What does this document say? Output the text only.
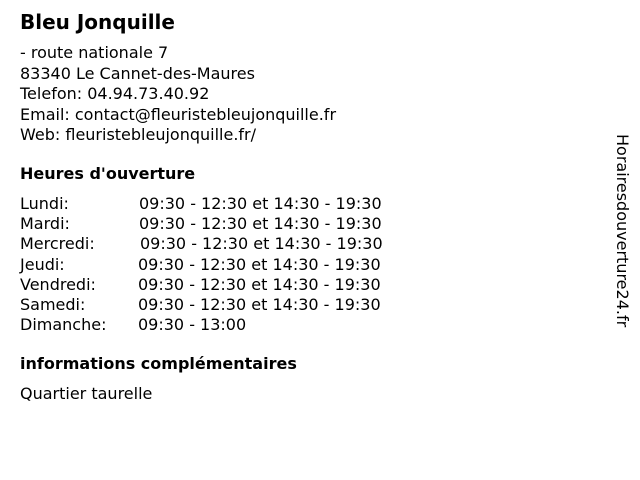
Bleu Jonquille
- route nationale 7
83340 Le Cannet-des-Maures
Telefon: 04.94.73.40.92
Email: contact@fleuristebleujonquille.fr
Web: fleuristebleujonquille.fr/
Heures d'ouverture
Lundi:	09:30 - 12:30 et 14:30 - 19:30
Mardi:	09:30 - 12:30 et 14:30 - 19:30
Mercredi:	09:30 - 12:30 et 14:30 - 19:30
Jeudi:	09:30 - 12:30 et 14:30 - 19:30
Vendredi:	09:30 - 12:30 et 14:30 - 19:30
Samedi:	09:30 - 12:30 et 14:30 - 19:30
Dimanche: 09:30 - 13:00
informations complémentaires
Quartier taurelle
Horairesdouverture24.fr
